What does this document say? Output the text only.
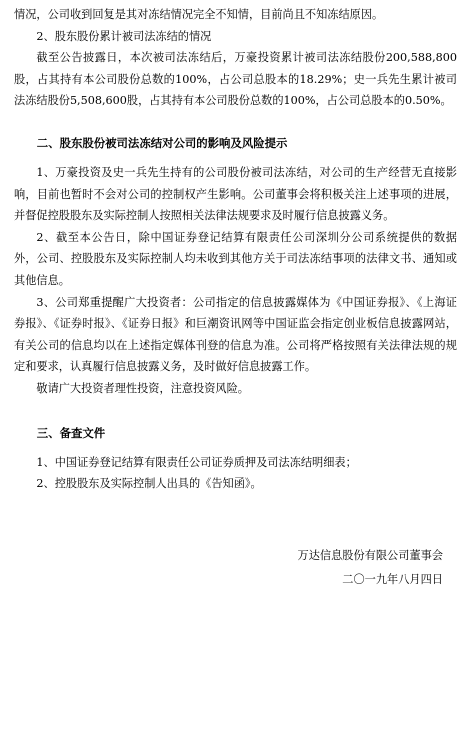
情况，公司收到回复是其对冻结情况完全不知情，目前尚且不知冻结原因。

2、股东股份累计被司法冻结的情况

截至公告披露日，本次被司法冻结后，万豪投资累计被司法冻结股份200,588,800股，占其持有本公司股份总数的100%，占公司总股本的18.29%；史一兵先生累计被司法冻结股份5,508,600股，占其持有本公司股份总数的100%，占公司总股本的0.50%。

二、股东股份被司法冻结对公司的影响及风险提示

1、万豪投资及史一兵先生持有的公司股份被司法冻结，对公司的生产经营无直接影响，目前也暂时不会对公司的控制权产生影响。公司董事会将积极关注上述事项的进展，并督促控股股东及实际控制人按照相关法律法规要求及时履行信息披露义务。

2、截至本公告日，除中国证券登记结算有限责任公司深圳分公司系统提供的数据外，公司、控股股东及实际控制人均未收到其他方关于司法冻结事项的法律文书、通知或其他信息。

3、公司郑重提醒广大投资者：公司指定的信息披露媒体为《中国证券报》、《上海证券报》、《证券时报》、《证券日报》和巨潮资讯网等中国证监会指定创业板信息披露网站，有关公司的信息均以在上述指定媒体刊登的信息为准。公司将严格按照有关法律法规的规定和要求，认真履行信息披露义务，及时做好信息披露工作。

敬请广大投资者理性投资，注意投资风险。

三、备查文件

1、中国证券登记结算有限责任公司证券质押及司法冻结明细表；

2、控股股东及实际控制人出具的《告知函》。

万达信息股份有限公司董事会

二〇一九年八月四日
